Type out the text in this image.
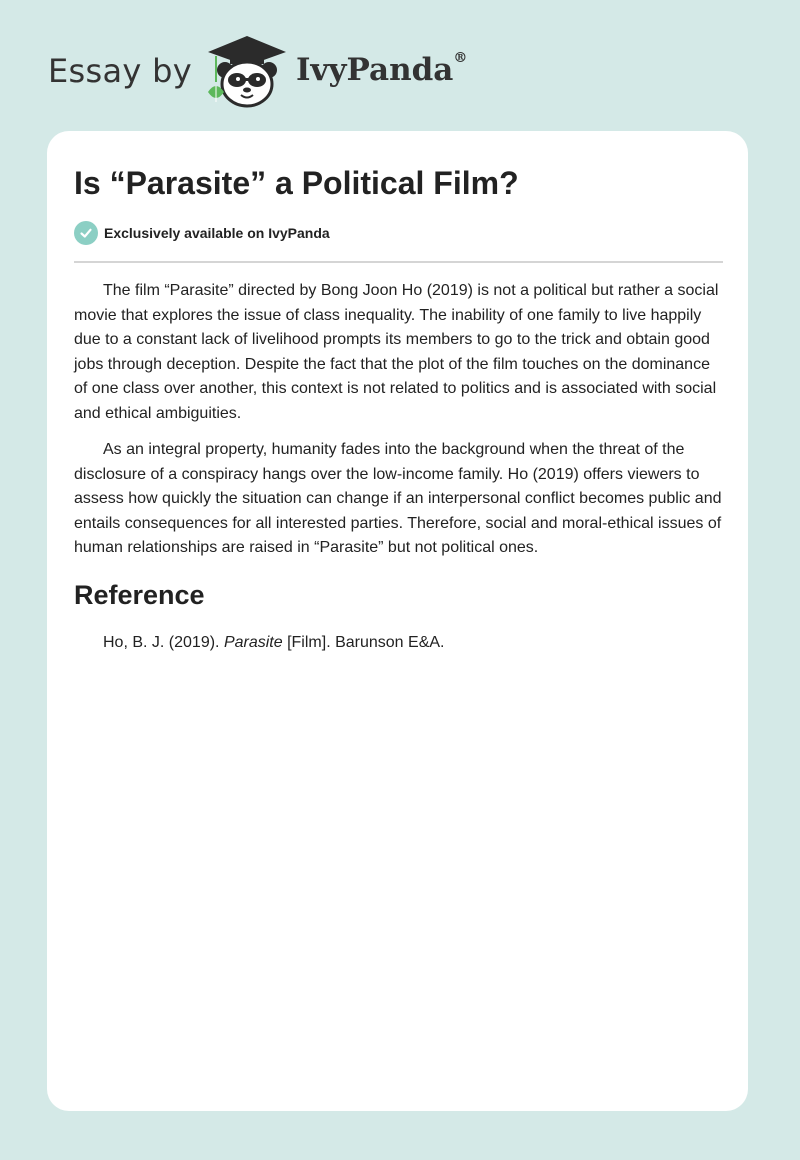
Essay by	IvyPanda®
Is “Parasite” a Political Film?
Exclusively available on IvyPanda

The film “Parasite” directed by Bong Joon Ho (2019) is not a political but rather a social movie that explores the issue of class inequality. The inability of one family to live happily due to a constant lack of livelihood prompts its members to go to the trick and obtain good jobs through deception. Despite the fact that the plot of the film touches on the dominance of one class over another, this context is not related to politics and is associated with social and ethical ambiguities.

As an integral property, humanity fades into the background when the threat of the disclosure of a conspiracy hangs over the low-income family. Ho (2019) offers viewers to assess how quickly the situation can change if an interpersonal conflict becomes public and entails consequences for all interested parties. Therefore, social and moral-ethical issues of human relationships are raised in “Parasite” but not political ones.

Reference

Ho, B. J. (2019). Parasite [Film]. Barunson E&A.
